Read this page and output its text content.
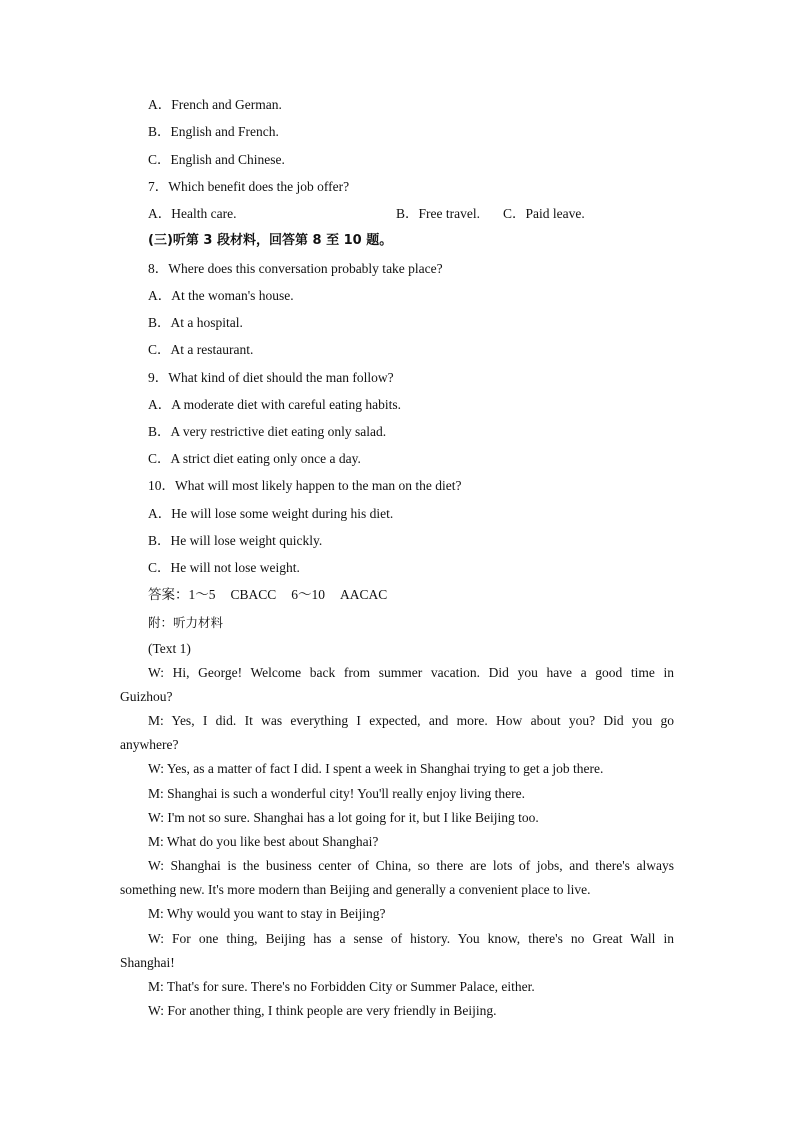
A．French and German.
B．English and French.
C．English and Chinese.
7．Which benefit does the job offer?
A．Health care.	B．Free travel. C．Paid leave.
(三)听第 3 段材料，回答第 8 至 10 题。
8．Where does this conversation probably take place?
A．At the woman's house.
B．At a hospital.
C．At a restaurant.
9．What kind of diet should the man follow?
A．A moderate diet with careful eating habits.
B．A very restrictive diet eating only salad.
C．A strict diet eating only once a day.
10．What will most likely happen to the man on the diet?
A．He will lose some weight during his diet.
B．He will lose weight quickly.
C．He will not lose weight.
答案：1～5 CBACC 6～10 AACAC
附：听力材料
(Text 1)
W: Hi, George! Welcome back from summer vacation. Did you have a good time in
Guizhou?
M: Yes, I did. It was everything I expected, and more. How about you? Did you go
anywhere?
W: Yes, as a matter of fact I did. I spent a week in Shanghai trying to get a job there.
M: Shanghai is such a wonderful city! You'll really enjoy living there.
W: I'm not so sure. Shanghai has a lot going for it, but I like Beijing too.
M: What do you like best about Shanghai?
W: Shanghai is the business center of China, so there are lots of jobs, and there's always
something new. It's more modern than Beijing and generally a convenient place to live.
M: Why would you want to stay in Beijing?
W: For one thing, Beijing has a sense of history. You know, there's no Great Wall in
Shanghai!
M: That's for sure. There's no Forbidden City or Summer Palace, either.
W: For another thing, I think people are very friendly in Beijing.
